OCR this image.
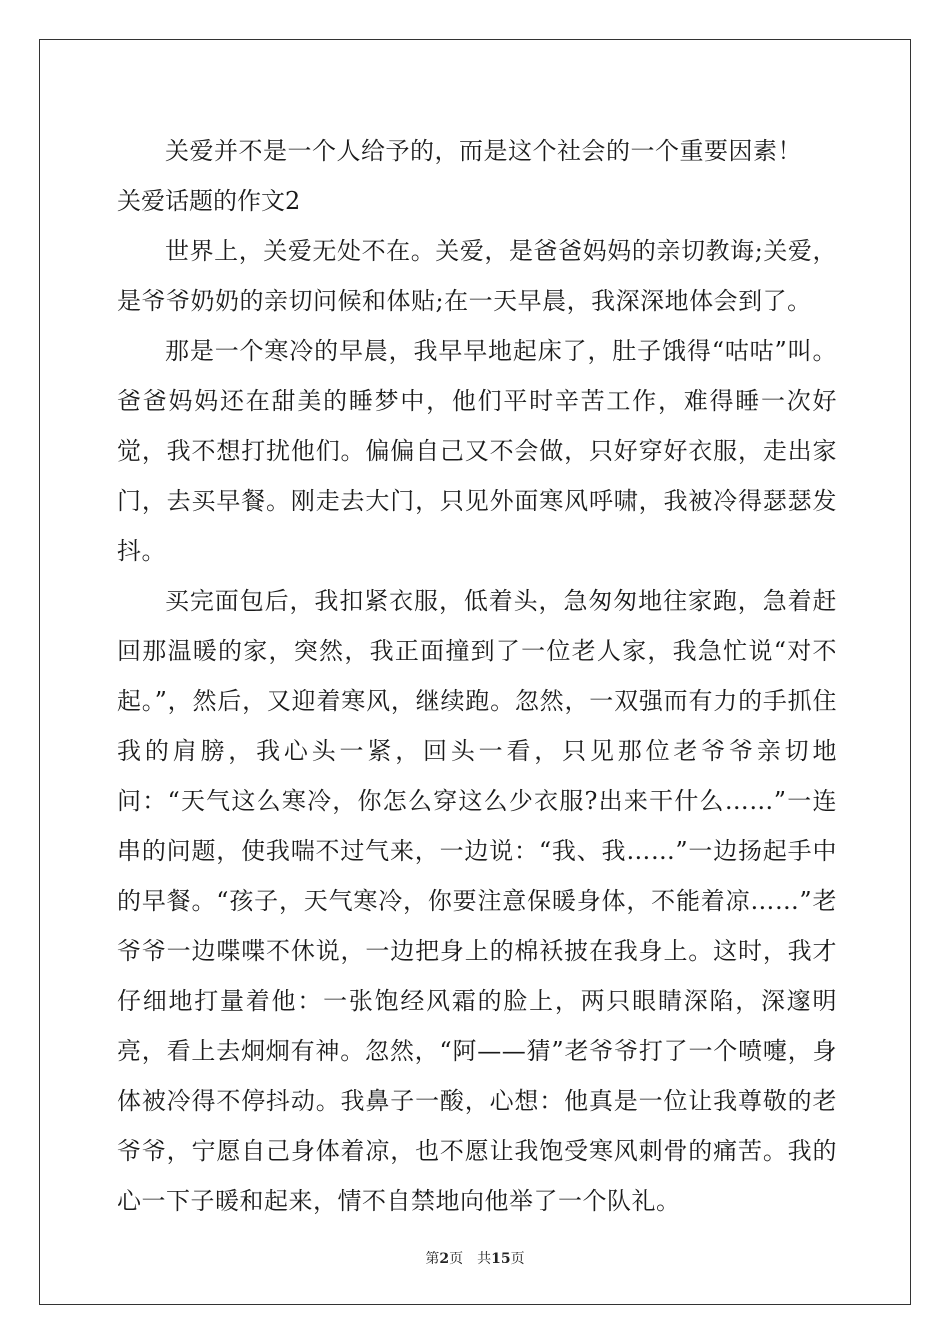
关爱并不是一个人给予的，而是这个社会的一个重要因素！

关爱话题的作文2

世界上，关爱无处不在。关爱，是爸爸妈妈的亲切教诲;关爱，是爷爷奶奶的亲切问候和体贴;在一天早晨，我深深地体会到了。

那是一个寒冷的早晨，我早早地起床了，肚子饿得“咕咕”叫。爸爸妈妈还在甜美的睡梦中，他们平时辛苦工作，难得睡一次好觉，我不想打扰他们。偏偏自己又不会做，只好穿好衣服，走出家门，去买早餐。刚走去大门，只见外面寒风呼啸，我被冷得瑟瑟发抖。

买完面包后，我扣紧衣服，低着头，急匆匆地往家跑，急着赶回那温暖的家，突然，我正面撞到了一位老人家，我急忙说“对不起。”，然后，又迎着寒风，继续跑。忽然，一双强而有力的手抓住我的肩膀，我心头一紧，回头一看，只见那位老爷爷亲切地问：“天气这么寒冷，你怎么穿这么少衣服?出来干什么……”一连串的问题，使我喘不过气来，一边说：“我、我……”一边扬起手中的早餐。“孩子，天气寒冷，你要注意保暖身体，不能着凉……”老爷爷一边喋喋不休说，一边把身上的棉袄披在我身上。这时，我才仔细地打量着他：一张饱经风霜的脸上，两只眼睛深陷，深邃明亮，看上去炯炯有神。忽然，“阿——猜”老爷爷打了一个喷嚏，身体被冷得不停抖动。我鼻子一酸，心想：他真是一位让我尊敬的老爷爷，宁愿自己身体着凉，也不愿让我饱受寒风刺骨的痛苦。我的心一下子暖和起来，情不自禁地向他举了一个队礼。

第2页 共15页
